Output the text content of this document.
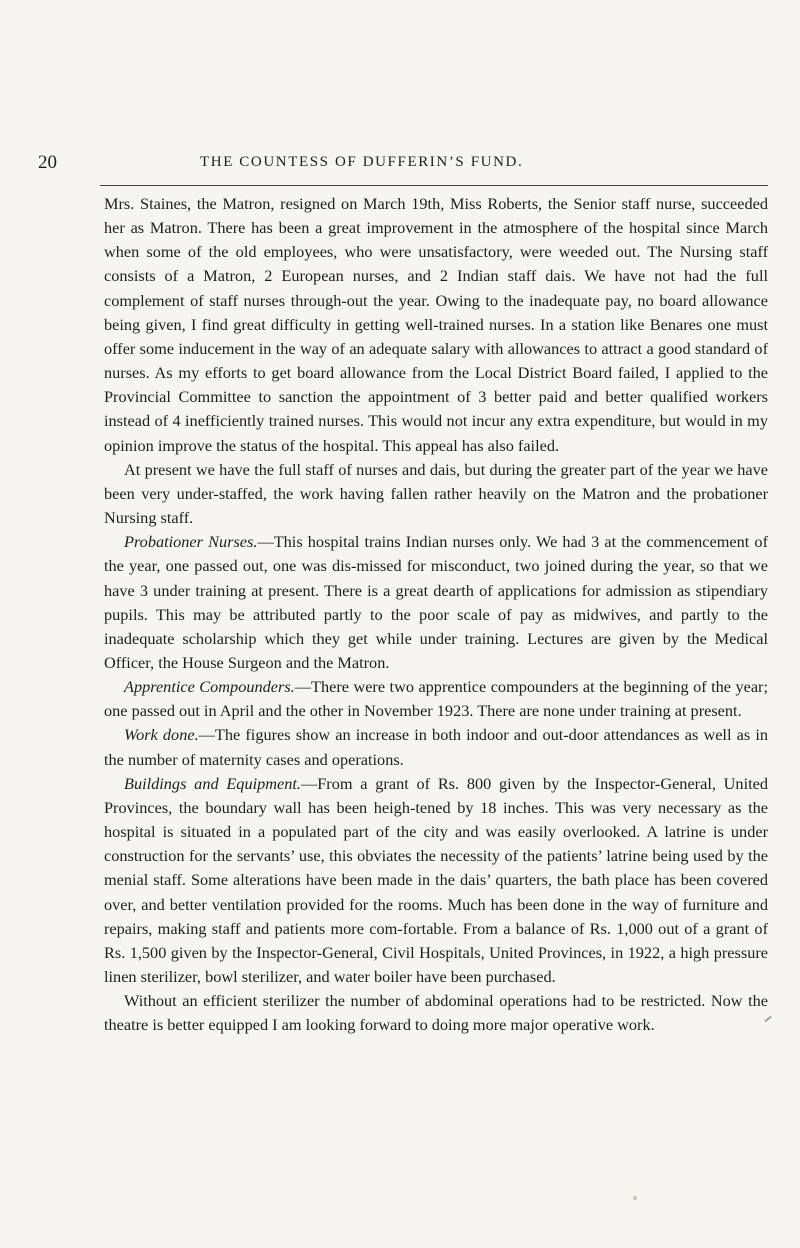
20	THE COUNTESS OF DUFFERIN’S FUND.

Mrs. Staines, the Matron, resigned on March 19th, Miss Roberts, the Senior staff nurse, succeeded her as Matron. There has been a great improvement in the atmosphere of the hospital since March when some of the old employees, who were unsatisfactory, were weeded out. The Nursing staff consists of a Matron, 2 European nurses, and 2 Indian staff dais. We have not had the full complement of staff nurses through-out the year. Owing to the inadequate pay, no board allowance being given, I find great difficulty in getting well-trained nurses. In a station like Benares one must offer some inducement in the way of an adequate salary with allowances to attract a good standard of nurses. As my efforts to get board allowance from the Local District Board failed, I applied to the Provincial Committee to sanction the appointment of 3 better paid and better qualified workers instead of 4 inefficiently trained nurses. This would not incur any extra expenditure, but would in my opinion improve the status of the hospital. This appeal has also failed.

At present we have the full staff of nurses and dais, but during the greater part of the year we have been very under-staffed, the work having fallen rather heavily on the Matron and the probationer Nursing staff.

Probationer Nurses.—This hospital trains Indian nurses only. We had 3 at the commencement of the year, one passed out, one was dis-missed for misconduct, two joined during the year, so that we have 3 under training at present. There is a great dearth of applications for admission as stipendiary pupils. This may be attributed partly to the poor scale of pay as midwives, and partly to the inadequate scholarship which they get while under training. Lectures are given by the Medical Officer, the House Surgeon and the Matron.

Apprentice Compounders.—There were two apprentice compounders at the beginning of the year; one passed out in April and the other in November 1923. There are none under training at present.

Work done.—The figures show an increase in both indoor and out-door attendances as well as in the number of maternity cases and operations.

Buildings and Equipment.—From a grant of Rs. 800 given by the Inspector-General, United Provinces, the boundary wall has been heigh-tened by 18 inches. This was very necessary as the hospital is situated in a populated part of the city and was easily overlooked. A latrine is under construction for the servants’ use, this obviates the necessity of the patients’ latrine being used by the menial staff. Some alterations have been made in the dais’ quarters, the bath place has been covered over, and better ventilation provided for the rooms. Much has been done in the way of furniture and repairs, making staff and patients more com-fortable. From a balance of Rs. 1,000 out of a grant of Rs. 1,500 given by the Inspector-General, Civil Hospitals, United Provinces, in 1922, a high pressure linen sterilizer, bowl sterilizer, and water boiler have been purchased.

Without an efficient sterilizer the number of abdominal operations had to be restricted. Now the theatre is better equipped I am looking forward to doing more major operative work.
